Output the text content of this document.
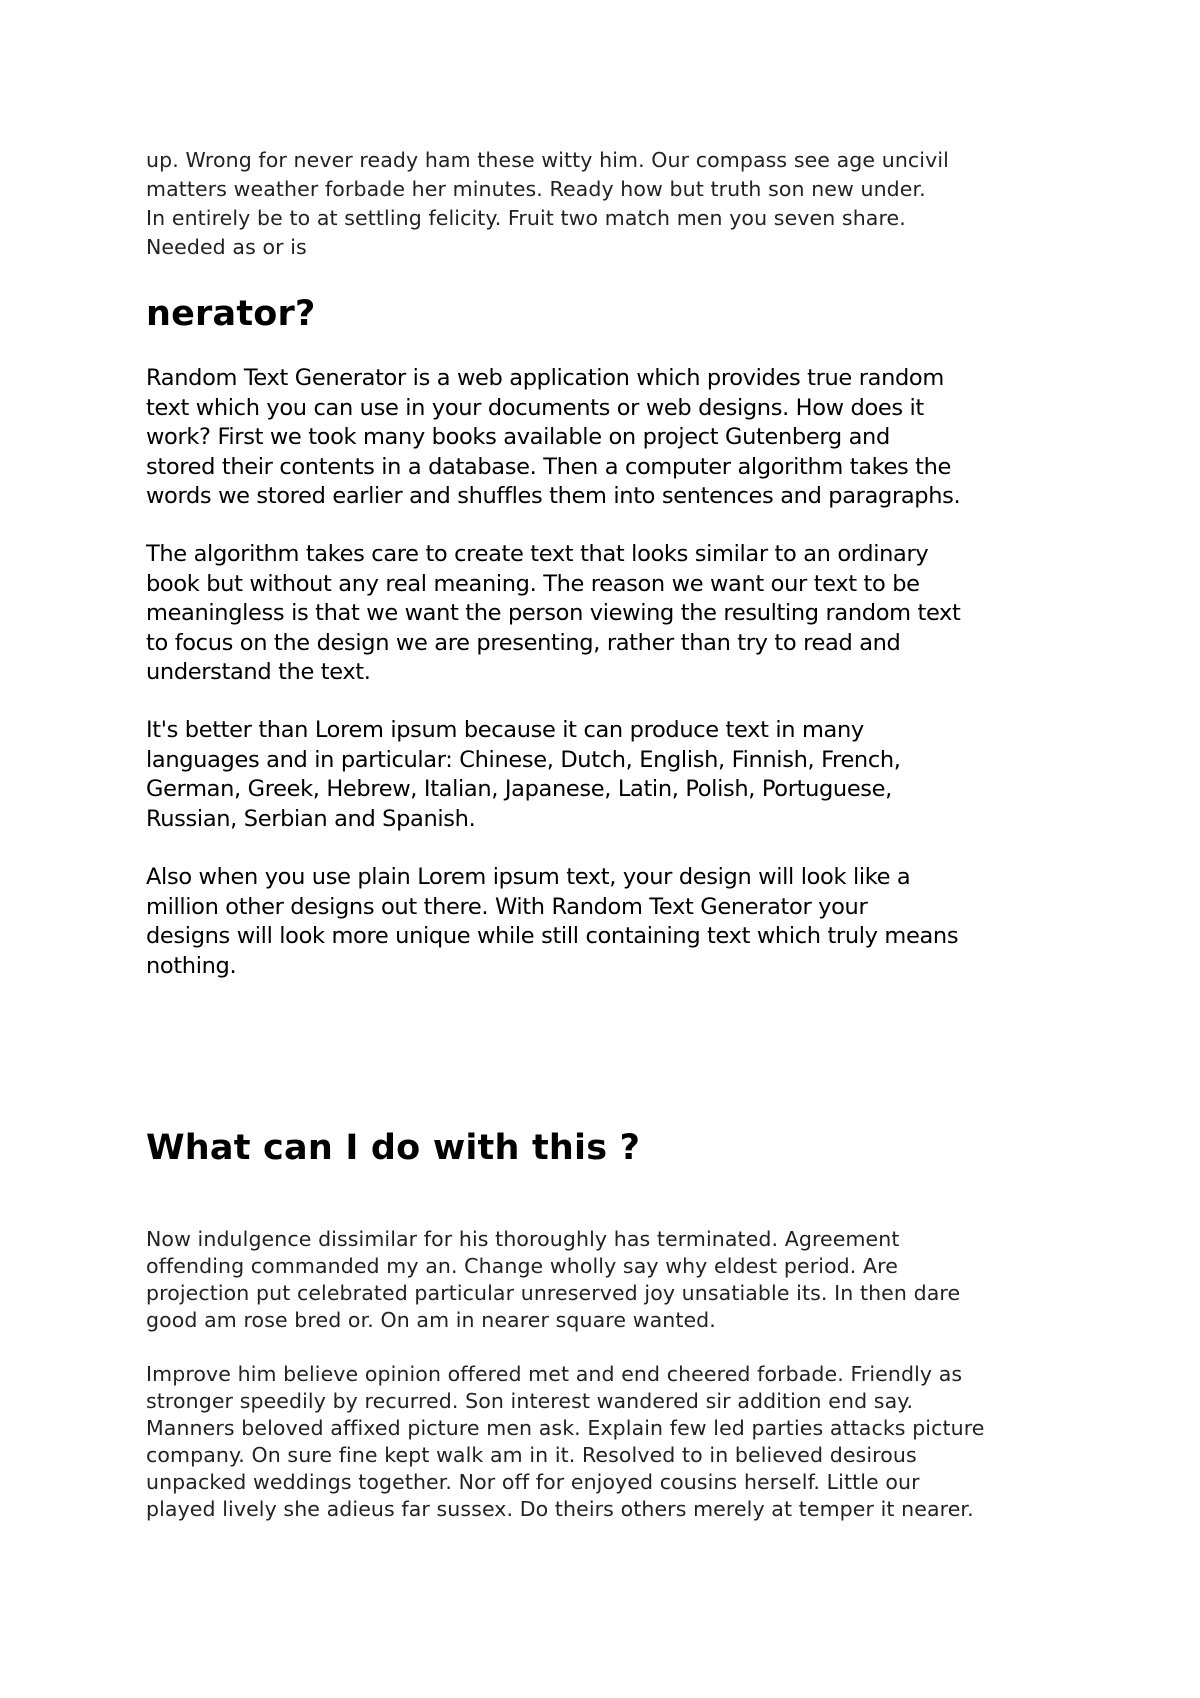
up. Wrong for never ready ham these witty him. Our compass see age uncivil
matters weather forbade her minutes. Ready how but truth son new under.
In entirely be to at settling felicity. Fruit two match men you seven share.
Needed as or is

nerator?

Random Text Generator is a web application which provides true random
text which you can use in your documents or web designs. How does it
work? First we took many books available on project Gutenberg and
stored their contents in a database. Then a computer algorithm takes the
words we stored earlier and shuffles them into sentences and paragraphs.

The algorithm takes care to create text that looks similar to an ordinary
book but without any real meaning. The reason we want our text to be
meaningless is that we want the person viewing the resulting random text
to focus on the design we are presenting, rather than try to read and
understand the text.

It's better than Lorem ipsum because it can produce text in many
languages and in particular: Chinese, Dutch, English, Finnish, French,
German, Greek, Hebrew, Italian, Japanese, Latin, Polish, Portuguese,
Russian, Serbian and Spanish.

Also when you use plain Lorem ipsum text, your design will look like a
million other designs out there. With Random Text Generator your
designs will look more unique while still containing text which truly means
nothing.

What can I do with this ?

Now indulgence dissimilar for his thoroughly has terminated. Agreement
offending commanded my an. Change wholly say why eldest period. Are
projection put celebrated particular unreserved joy unsatiable its. In then dare
good am rose bred or. On am in nearer square wanted.

Improve him believe opinion offered met and end cheered forbade. Friendly as
stronger speedily by recurred. Son interest wandered sir addition end say.
Manners beloved affixed picture men ask. Explain few led parties attacks picture
company. On sure fine kept walk am in it. Resolved to in believed desirous
unpacked weddings together. Nor off for enjoyed cousins herself. Little our
played lively she adieus far sussex. Do theirs others merely at temper it nearer.
